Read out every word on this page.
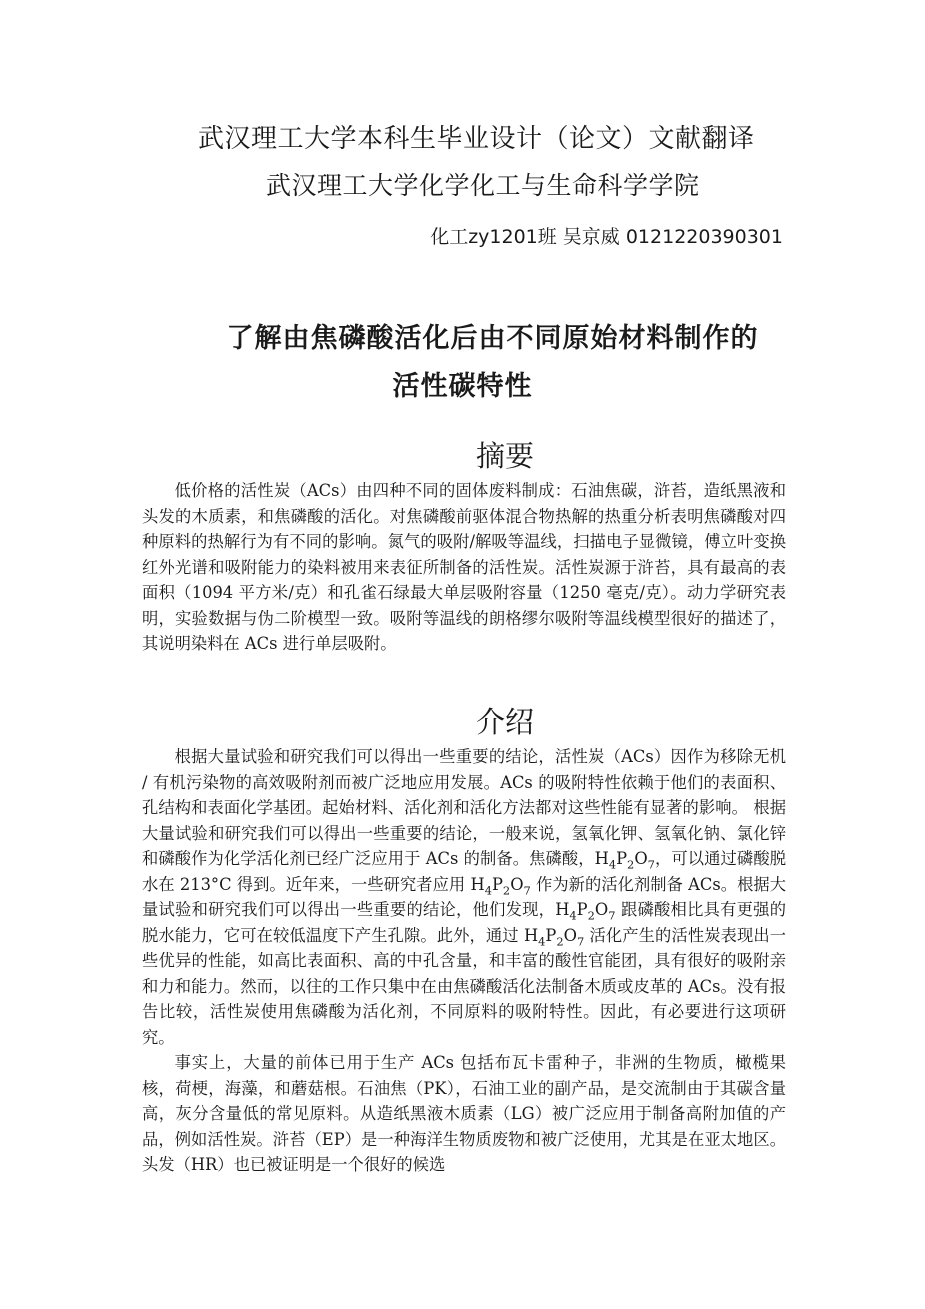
武汉理工大学本科生毕业设计（论文）文献翻译
武汉理工大学化学化工与生命科学学院
化工zy1201班 吴京威 0121220390301
了解由焦磷酸活化后由不同原始材料制作的
活性碳特性
摘要

低价格的活性炭（ACs）由四种不同的固体废料制成：石油焦碳，浒苔，造纸黑液和头发的木质素，和焦磷酸的活化。对焦磷酸前驱体混合物热解的热重分析表明焦磷酸对四种原料的热解行为有不同的影响。氮气的吸附/解吸等温线，扫描电子显微镜，傅立叶变换红外光谱和吸附能力的染料被用来表征所制备的活性炭。活性炭源于浒苔，具有最高的表面积（1094 平方米/克）和孔雀石绿最大单层吸附容量（1250 毫克/克）。动力学研究表明，实验数据与伪二阶模型一致。吸附等温线的朗格缪尔吸附等温线模型很好的描述了，其说明染料在 ACs 进行单层吸附。

介绍

根据大量试验和研究我们可以得出一些重要的结论，活性炭（ACs）因作为移除无机 / 有机污染物的高效吸附剂而被广泛地应用发展。ACs 的吸附特性依赖于他们的表面积、孔结构和表面化学基团。起始材料、活化剂和活化方法都对这些性能有显著的影响。 根据大量试验和研究我们可以得出一些重要的结论，一般来说，氢氧化钾、氢氧化钠、氯化锌和磷酸作为化学活化剂已经广泛应用于 ACs 的制备。焦磷酸，$H_4P_2O_7$，可以通过磷酸脱水在 213°C 得到。近年来，一些研究者应用 $H_4P_2O_7$ 作为新的活化剂制备 ACs。根据大量试验和研究我们可以得出一些重要的结论，他们发现，$H_4P_2O_7$ 跟磷酸相比具有更强的脱水能力，它可在较低温度下产生孔隙。此外，通过 $H_4P_2O_7$ 活化产生的活性炭表现出一些优异的性能，如高比表面积、高的中孔含量，和丰富的酸性官能团，具有很好的吸附亲和力和能力。然而，以往的工作只集中在由焦磷酸活化法制备木质或皮革的 ACs。没有报告比较，活性炭使用焦磷酸为活化剂，不同原料的吸附特性。因此，有必要进行这项研究。

事实上，大量的前体已用于生产 ACs 包括布瓦卡雷种子，非洲的生物质，橄榄果核，荷梗，海藻，和蘑菇根。石油焦（PK），石油工业的副产品，是交流制由于其碳含量高，灰分含量低的常见原料。从造纸黑液木质素（LG）被广泛应用于制备高附加值的产品，例如活性炭。浒苔（EP）是一种海洋生物质废物和被广泛使用，尤其是在亚太地区。头发（HR）也已被证明是一个很好的候选
